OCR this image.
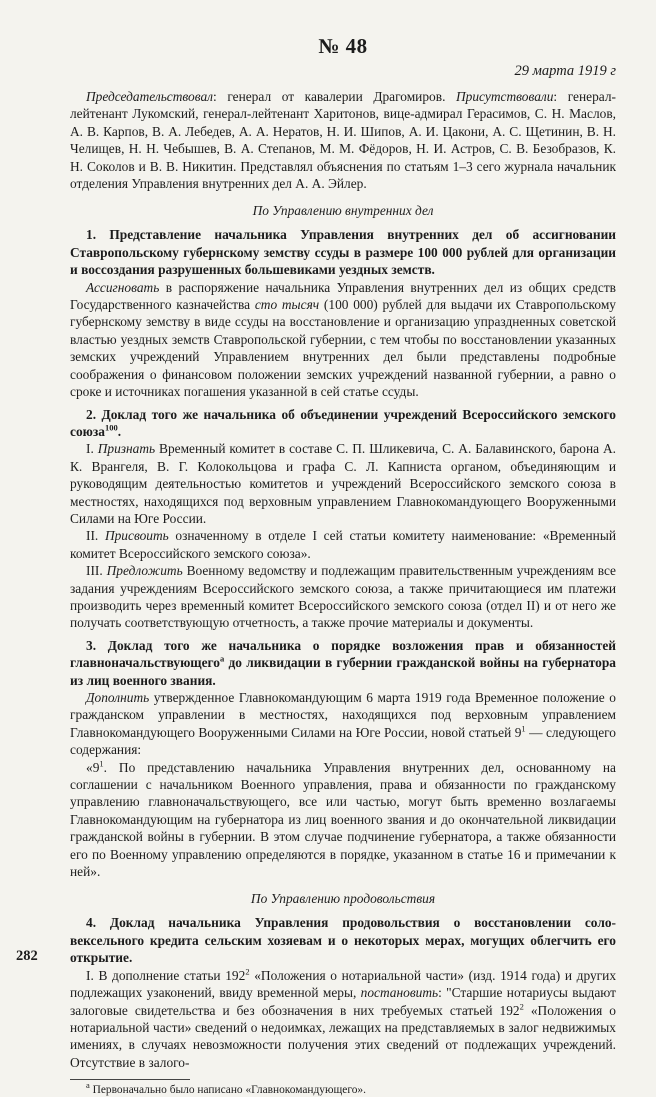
№ 48
29 марта 1919 г

Председательствовал: генерал от кавалерии Драгомиров. Присутствовали: генерал-лейтенант Лукомский, генерал-лейтенант Харитонов, вице-адмирал Герасимов, С. Н. Маслов, А. В. Карпов, В. А. Лебедев, А. А. Нератов, Н. И. Шипов, А. И. Цакони, А. С. Щетинин, В. Н. Челищев, Н. Н. Чебышев, В. А. Степанов, М. М. Фёдоров, Н. И. Астров, С. В. Безобразов, К. Н. Соколов и В. В. Никитин. Представлял объяснения по статьям 1–3 сего журнала начальник отделения Управления внутренних дел А. А. Эйлер.

По Управлению внутренних дел

1. Представление начальника Управления внутренних дел об ассигновании Ставропольскому губернскому земству ссуды в размере 100 000 рублей для организации и воссоздания разрушенных большевиками уездных земств.

Ассигновать в распоряжение начальника Управления внутренних дел из общих средств Государственного казначейства сто тысяч (100 000) рублей для выдачи их Ставропольскому губернскому земству в виде ссуды на восстановление и организацию упраздненных советской властью уездных земств Ставропольской губернии, с тем чтобы по восстановлении указанных земских учреждений Управлением внутренних дел были представлены подробные соображения о финансовом положении земских учреждений названной губернии, а равно о сроке и источниках погашения указанной в сей статье ссуды.

2. Доклад того же начальника об объединении учреждений Всероссийского земского союза$^{100}$.

I. Признать Временный комитет в составе С. П. Шликевича, С. А. Балавинского, барона А. К. Врангеля, В. Г. Колокольцова и графа С. Л. Капниста органом, объединяющим и руководящим деятельностью комитетов и учреждений Всероссийского земского союза в местностях, находящихся под верховным управлением Главнокомандующего Вооруженными Силами на Юге России.

II. Присвоить означенному в отделе I сей статьи комитету наименование: «Временный комитет Всероссийского земского союза».

III. Предложить Военному ведомству и подлежащим правительственным учреждениям все задания учреждениям Всероссийского земского союза, а также причитающиеся им платежи производить через временный комитет Всероссийского земского союза (отдел II) и от него же получать соответствующую отчетность, а также прочие материалы и документы.

3. Доклад того же начальника о порядке возложения прав и обязанностей главноначальствующего$^а$ до ликвидации в губернии гражданской войны на губернатора из лиц военного звания.

Дополнить утвержденное Главнокомандующим 6 марта 1919 года Временное положение о гражданском управлении в местностях, находящихся под верховным управлением Главнокомандующего Вооруженными Силами на Юге России, новой статьей $9^1$ — следующего содержания:

«$9^1$. По представлению начальника Управления внутренних дел, основанному на соглашении с начальником Военного управления, права и обязанности по гражданскому управлению главноначальствующего, все или частью, могут быть временно возлагаемы Главнокомандующим на губернатора из лиц военного звания и до окончательной ликвидации гражданской войны в губернии. В этом случае подчинение губернатора, а также обязанности его по Военному управлению определяются в порядке, указанном в статье 16 и примечании к ней».

По Управлению продовольствия

4. Доклад начальника Управления продовольствия о восстановлении соло-вексельного кредита сельским хозяевам и о некоторых мерах, могущих облегчить его открытие.

I. В дополнение статьи $192^2$ «Положения о нотариальной части» (изд. 1914 года) и других подлежащих узаконений, ввиду временной меры, постановить: "Старшие нотариусы выдают залоговые свидетельства и без обозначения в них требуемых статьей $192^2$ «Положения о нотариальной части» сведений о недоимках, лежащих на представляемых в залог недвижимых имениях, в случаях невозможности получения этих сведений от подлежащих учреждений. Отсутствие в залого-

$^а$ Первоначально было написано «Главнокомандующего».

282
